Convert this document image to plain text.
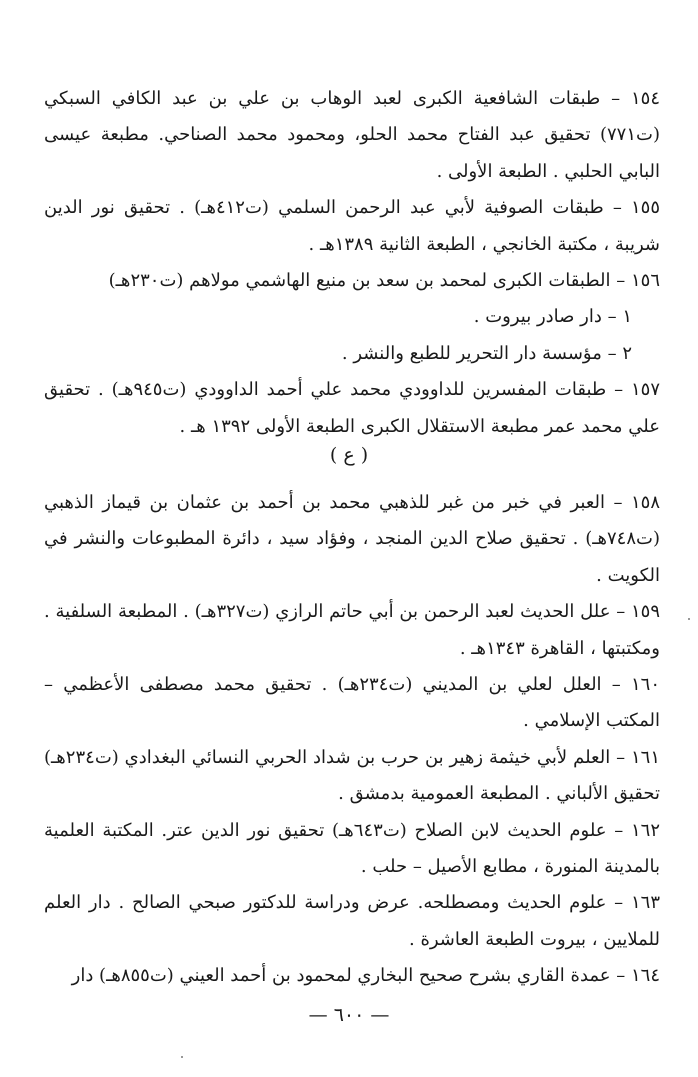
١٥٤ – طبقات الشافعية الكبرى لعبد الوهاب بن علي بن عبد الكافي السبكي (ت٧٧١) تحقيق عبد الفتاح محمد الحلو، ومحمود محمد الصناحي. مطبعة عيسى البابي الحلبي . الطبعة الأولى .

١٥٥ – طبقات الصوفية لأبي عبد الرحمن السلمي (ت٤١٢هـ) . تحقيق نور الدين شريبة ، مكتبة الخانجي ، الطبعة الثانية ١٣٨٩هـ .

١٥٦ – الطبقات الكبرى لمحمد بن سعد بن منيع الهاشمي مولاهم (ت٢٣٠هـ)

١ – دار صادر بيروت .

٢ – مؤسسة دار التحرير للطبع والنشر .

١٥٧ – طبقات المفسرين للداوودي محمد علي أحمد الداوودي (ت٩٤٥هـ) . تحقيق علي محمد عمر مطبعة الاستقلال الكبرى الطبعة الأولى ١٣٩٢ هـ .

( ع )

١٥٨ – العبر في خبر من غبر للذهبي محمد بن أحمد بن عثمان بن قيماز الذهبي (ت٧٤٨هـ) . تحقيق صلاح الدين المنجد ، وفؤاد سيد ، دائرة المطبوعات والنشر في الكويت .

١٥٩ – علل الحديث لعبد الرحمن بن أبي حاتم الرازي (ت٣٢٧هـ) . المطبعة السلفية . ومكتبتها ، القاهرة ١٣٤٣هـ .

١٦٠ – العلل لعلي بن المديني (ت٢٣٤هـ) . تحقيق محمد مصطفى الأعظمي – المكتب الإسلامي .

١٦١ – العلم لأبي خيثمة زهير بن حرب بن شداد الحربي النسائي البغدادي (ت٢٣٤هـ) تحقيق الألباني . المطبعة العمومية بدمشق .

١٦٢ – علوم الحديث لابن الصلاح (ت٦٤٣هـ) تحقيق نور الدين عتر. المكتبة العلمية بالمدينة المنورة ، مطابع الأصيل – حلب .

١٦٣ – علوم الحديث ومصطلحه. عرض ودراسة للدكتور صبحي الصالح . دار العلم للملايين ، بيروت الطبعة العاشرة .

١٦٤ – عمدة القاري بشرح صحيح البخاري لمحمود بن أحمد العيني (ت٨٥٥هـ) دار

— ٦٠٠ —
